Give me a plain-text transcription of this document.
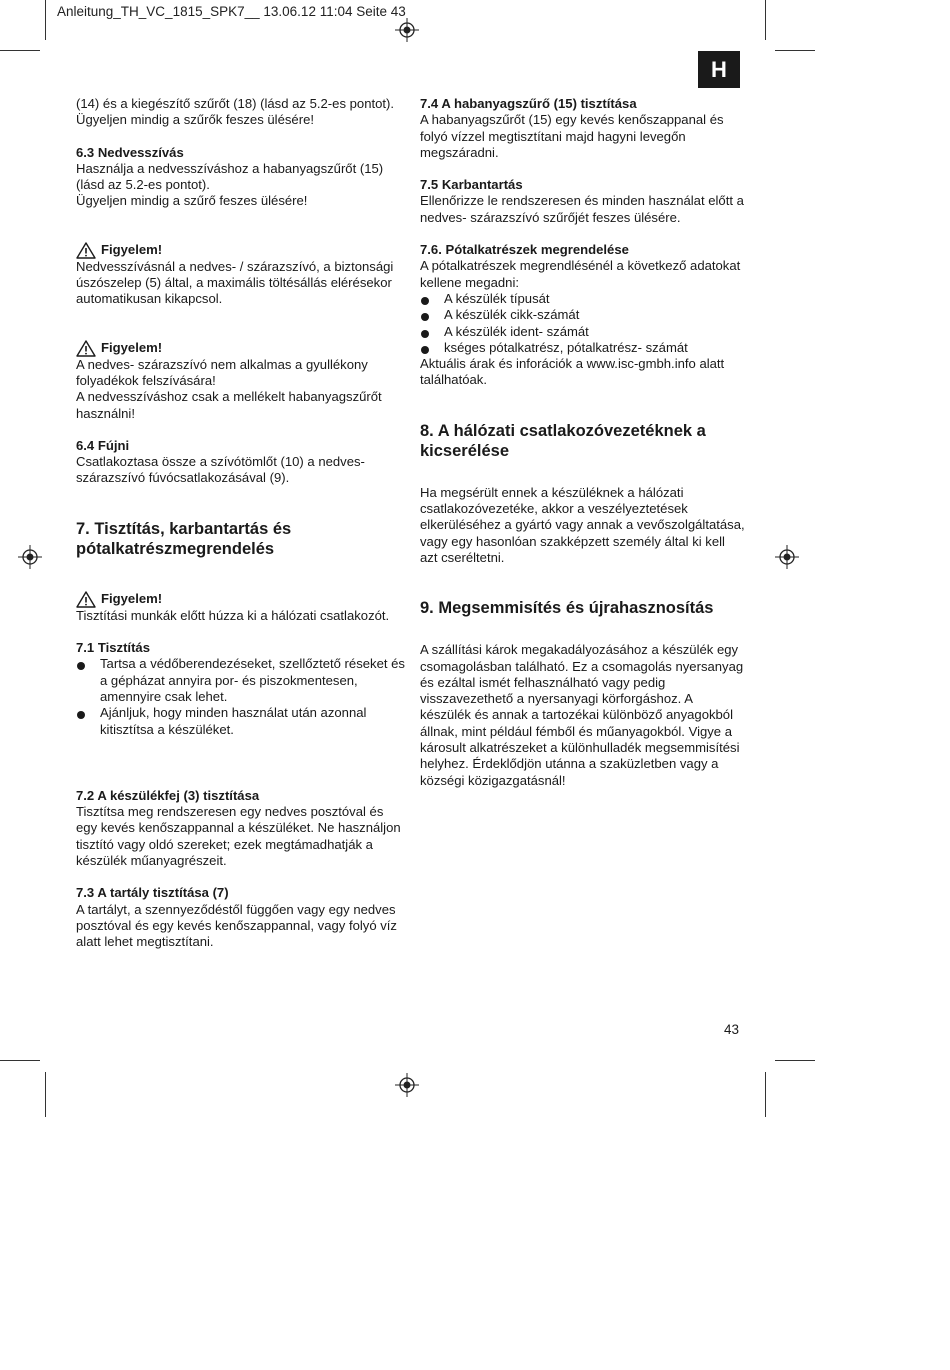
Anleitung_TH_VC_1815_SPK7__ 13.06.12 11:04 Seite 43
H

(14) és a kiegészítő szűrőt (18) (lásd az 5.2-es pontot).

Ügyeljen mindig a szűrők feszes ülésére!

6.3 Nedvesszívás

Használja a nedvesszíváshoz a habanyagszűrőt (15) (lásd az 5.2-es pontot).

Ügyeljen mindig a szűrő feszes ülésére!

Figyelem!

Nedvesszívásnál a nedves- / szárazszívó, a biztonsági úszószelep (5) által, a maximális töltésállás elérésekor automatikusan kikapcsol.

Figyelem!

A nedves- szárazszívó nem alkalmas a gyullékony folyadékok felszívására!

A nedvesszíváshoz csak a mellékelt habanyagszűrőt használni!

6.4 Fújni

Csatlakoztasa össze a szívótömlőt (10) a nedves-szárazszívó fúvócsatlakozásával (9).

7. Tisztítás, karbantartás és pótalkatrészmegrendelés

Figyelem!

Tisztítási munkák előtt húzza ki a hálózati csatlakozót.

7.1 Tisztítás

Tartsa a védőberendezéseket, szellőztető réseket és a gépházat annyira por- és piszokmentesen, amennyire csak lehet.
Ajánljuk, hogy minden használat után azonnal kitisztítsa a készüléket.

7.2 A készülékfej (3) tisztítása

Tisztítsa meg rendszeresen egy nedves posztóval és egy kevés kenőszappannal a készüléket. Ne használjon tisztító vagy oldó szereket; ezek megtámadhatják a készülék műanyagrészeit.

7.3 A tartály tisztítása (7)

A tartályt, a szennyeződéstől függően vagy egy nedves posztóval és egy kevés kenőszappannal, vagy folyó víz alatt lehet megtisztítani.

7.4 A habanyagszűrő (15) tisztítása

A habanyagszűrőt (15) egy kevés kenőszappanal és folyó vízzel megtisztítani majd hagyni levegőn megszáradni.

7.5 Karbantartás

Ellenőrizze le rendszeresen és minden használat előtt a nedves- szárazszívó szűrőjét feszes ülésére.

7.6. Pótalkatrészek megrendelése

A pótalkatrészek megrendlésénél a következő adatokat kellene megadni:

A készülék típusát
A készülék cikk-számát
A készülék ident- számát
kséges pótalkatrész, pótalkatrész- számát

Aktuális árak és inforációk a www.isc-gmbh.info alatt találhatóak.

8. A hálózati csatlakozóvezetéknek a kicserélése

Ha megsérült ennek a készüléknek a hálózati csatlakozóvezetéke, akkor a veszélyeztetések elkerüléséhez a gyártó vagy annak a vevőszolgáltatása, vagy egy hasonlóan szakképzett személy által ki kell azt cseréltetni.

9. Megsemmisítés és újrahasznosítás

A szállítási károk megakadályozásához a készülék egy csomagolásban található. Ez a csomagolás nyersanyag és ezáltal ismét felhasználható vagy pedig visszavezethető a nyersanyagi körforgáshoz. A készülék és annak a tartozékai különböző anyagokból állnak, mint például fémből és műanyagokból. Vigye a károsult alkatrészeket a különhulladék megsemmisítési helyhez. Érdeklődjön utánna a szaküzletben vagy a községi közigazgatásnál!

43
